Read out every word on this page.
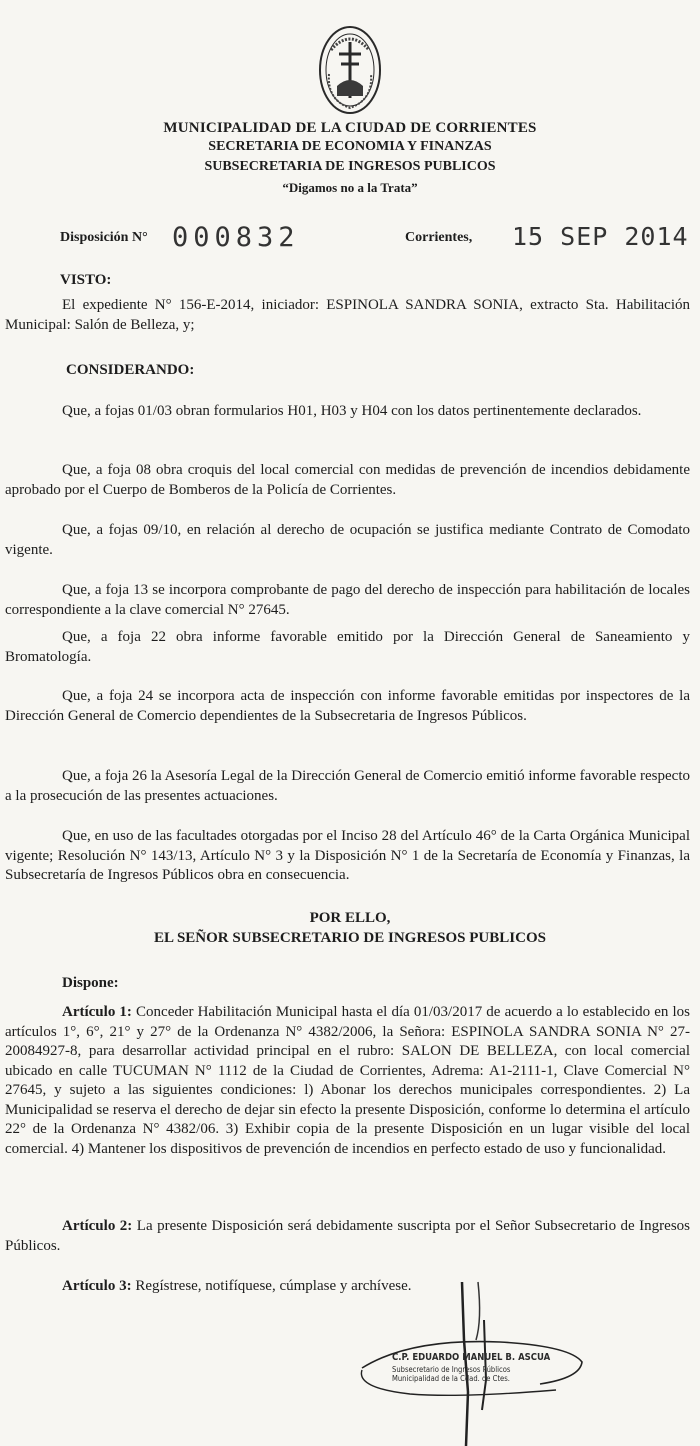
MUNICIPALIDAD DE LA CIUDAD DE CORRIENTES
SECRETARIA DE ECONOMIA Y FINANZAS
SUBSECRETARIA DE INGRESOS PUBLICOS
“Digamos no a la Trata”
Disposición N° 000832	Corrientes, 15 SEP 2014
VISTO:

El expediente N° 156-E-2014, iniciador: ESPINOLA SANDRA SONIA, extracto Sta. Habilitación Municipal: Salón de Belleza, y;

CONSIDERANDO:

Que, a fojas 01/03 obran formularios H01, H03 y H04 con los datos pertinentemente declarados.

Que, a foja 08 obra croquis del local comercial con medidas de prevención de incendios debidamente aprobado por el Cuerpo de Bomberos de la Policía de Corrientes.

Que, a fojas 09/10, en relación al derecho de ocupación se justifica mediante Contrato de Comodato vigente.

Que, a foja 13 se incorpora comprobante de pago del derecho de inspección para habilitación de locales correspondiente a la clave comercial N° 27645.

Que, a foja 22 obra informe favorable emitido por la Dirección General de Saneamiento y Bromatología.

Que, a foja 24 se incorpora acta de inspección con informe favorable emitidas por inspectores de la Dirección General de Comercio dependientes de la Subsecretaria de Ingresos Públicos.

Que, a foja 26 la Asesoría Legal de la Dirección General de Comercio emitió informe favorable respecto a la prosecución de las presentes actuaciones.

Que, en uso de las facultades otorgadas por el Inciso 28 del Artículo 46° de la Carta Orgánica Municipal vigente; Resolución N° 143/13, Artículo N° 3 y la Disposición N° 1 de la Secretaría de Economía y Finanzas, la Subsecretaría de Ingresos Públicos obra en consecuencia.

POR ELLO,
EL SEÑOR SUBSECRETARIO DE INGRESOS PUBLICOS
Dispone:

Artículo 1: Conceder Habilitación Municipal hasta el día 01/03/2017 de acuerdo a lo establecido en los artículos 1°, 6°, 21° y 27° de la Ordenanza N° 4382/2006, la Señora: ESPINOLA SANDRA SONIA N° 27-20084927-8, para desarrollar actividad principal en el rubro: SALON DE BELLEZA, con local comercial ubicado en calle TUCUMAN N° 1112 de la Ciudad de Corrientes, Adrema: A1-2111-1, Clave Comercial N° 27645, y sujeto a las siguientes condiciones: l) Abonar los derechos municipales correspondientes. 2) La Municipalidad se reserva el derecho de dejar sin efecto la presente Disposición, conforme lo determina el artículo 22° de la Ordenanza N° 4382/06. 3) Exhibir copia de la presente Disposición en un lugar visible del local comercial. 4) Mantener los dispositivos de prevención de incendios en perfecto estado de uso y funcionalidad.

Artículo 2: La presente Disposición será debidamente suscripta por el Señor Subsecretario de Ingresos Públicos.

Artículo 3: Regístrese, notifíquese, cúmplase y archívese.

C.P. EDUARDO MANUEL B. ASCUA
Subsecretario de Ingresos Públicos
Municipalidad de la Cdad. de Ctes.
